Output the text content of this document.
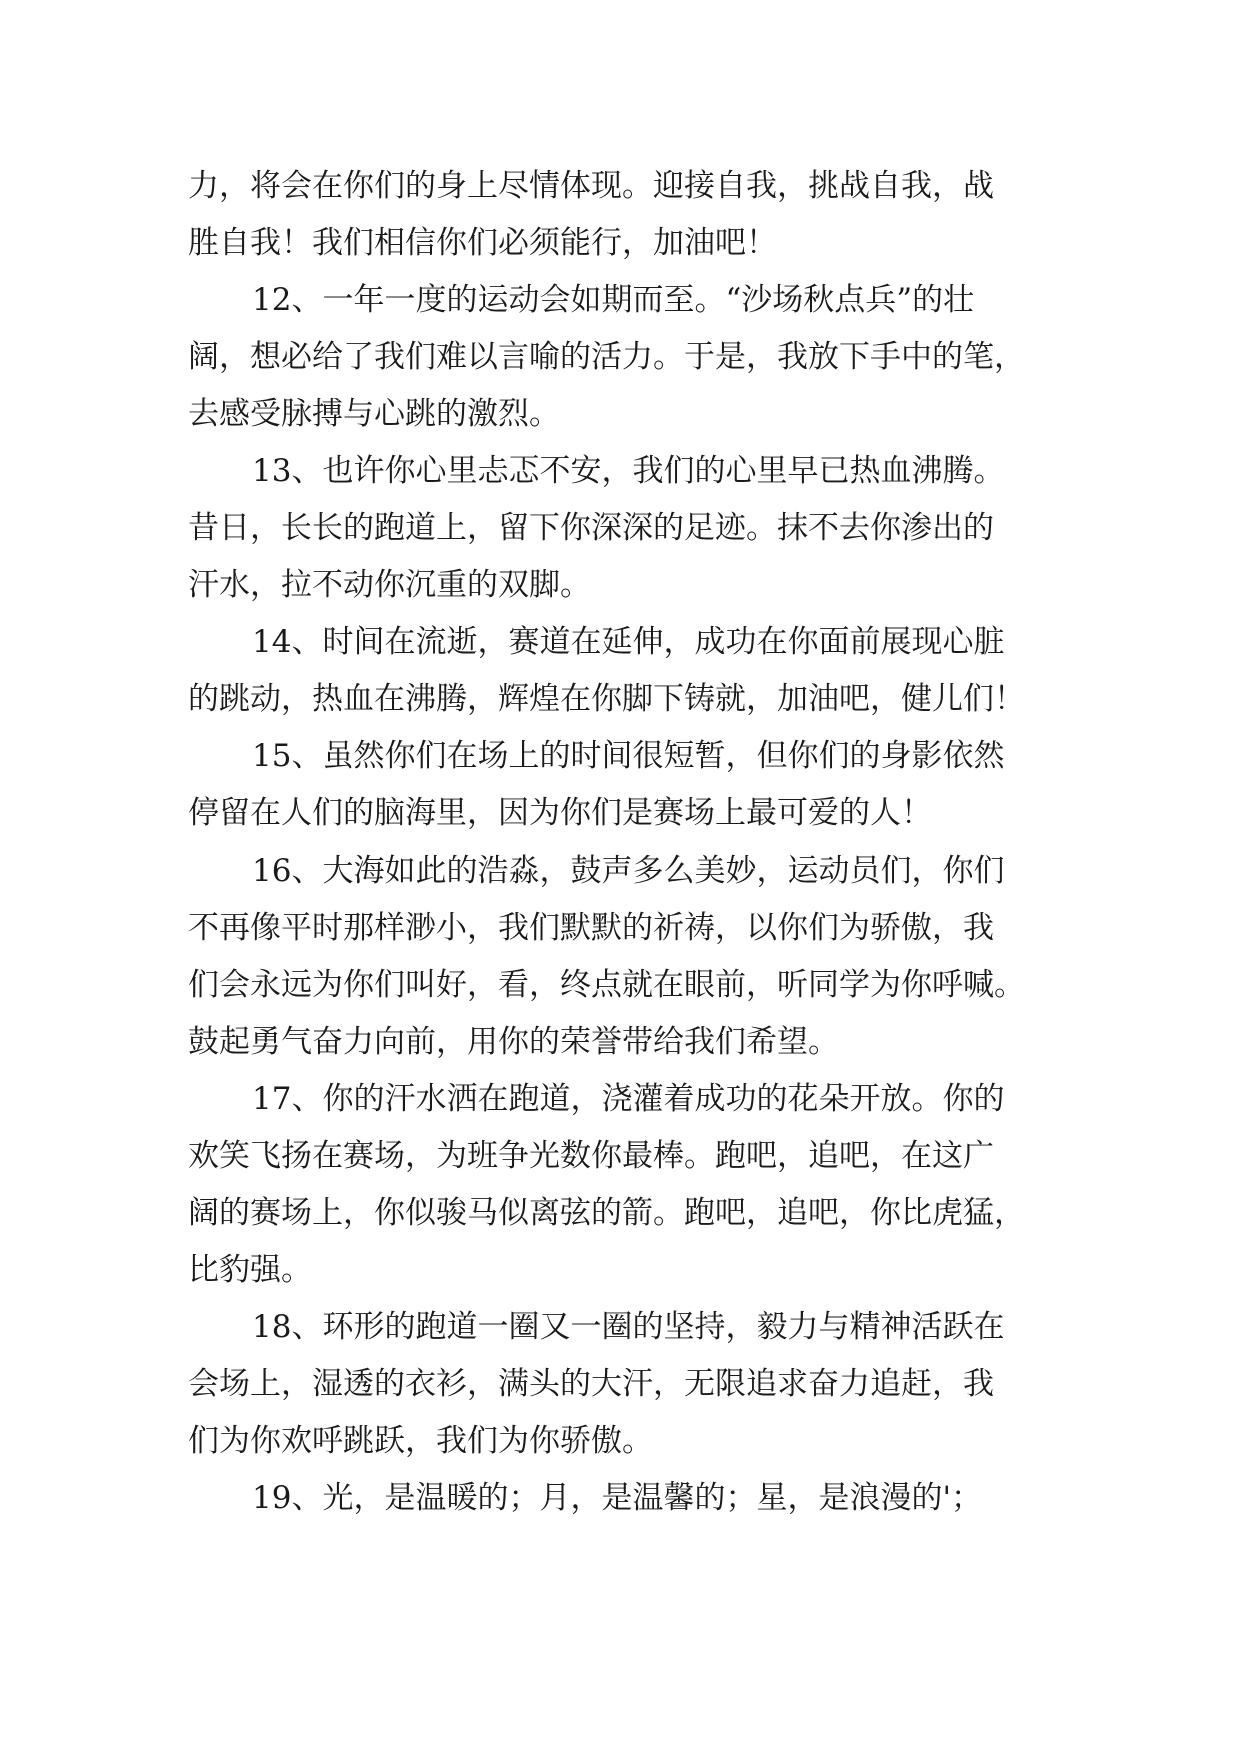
力，将会在你们的身上尽情体现。迎接自我，挑战自我，战
胜自我！我们相信你们必须能行，加油吧！
12、一年一度的运动会如期而至。“沙场秋点兵”的壮
阔，想必给了我们难以言喻的活力。于是，我放下手中的笔，
去感受脉搏与心跳的激烈。
13、也许你心里忐忑不安，我们的心里早已热血沸腾。
昔日，长长的跑道上，留下你深深的足迹。抹不去你渗出的
汗水，拉不动你沉重的双脚。
14、时间在流逝，赛道在延伸，成功在你面前展现心脏
的跳动，热血在沸腾，辉煌在你脚下铸就，加油吧，健儿们！
15、虽然你们在场上的时间很短暂，但你们的身影依然
停留在人们的脑海里，因为你们是赛场上最可爱的人！
16、大海如此的浩淼，鼓声多么美妙，运动员们，你们
不再像平时那样渺小，我们默默的祈祷，以你们为骄傲，我
们会永远为你们叫好，看，终点就在眼前，听同学为你呼喊。
鼓起勇气奋力向前，用你的荣誉带给我们希望。
17、你的汗水洒在跑道，浇灌着成功的花朵开放。你的
欢笑飞扬在赛场，为班争光数你最棒。跑吧，追吧，在这广
阔的赛场上，你似骏马似离弦的箭。跑吧，追吧，你比虎猛，
比豹强。
18、环形的跑道一圈又一圈的坚持，毅力与精神活跃在
会场上，湿透的衣衫，满头的大汗，无限追求奋力追赶，我
们为你欢呼跳跃，我们为你骄傲。
19、光，是温暖的；月，是温馨的；星，是浪漫的'；
